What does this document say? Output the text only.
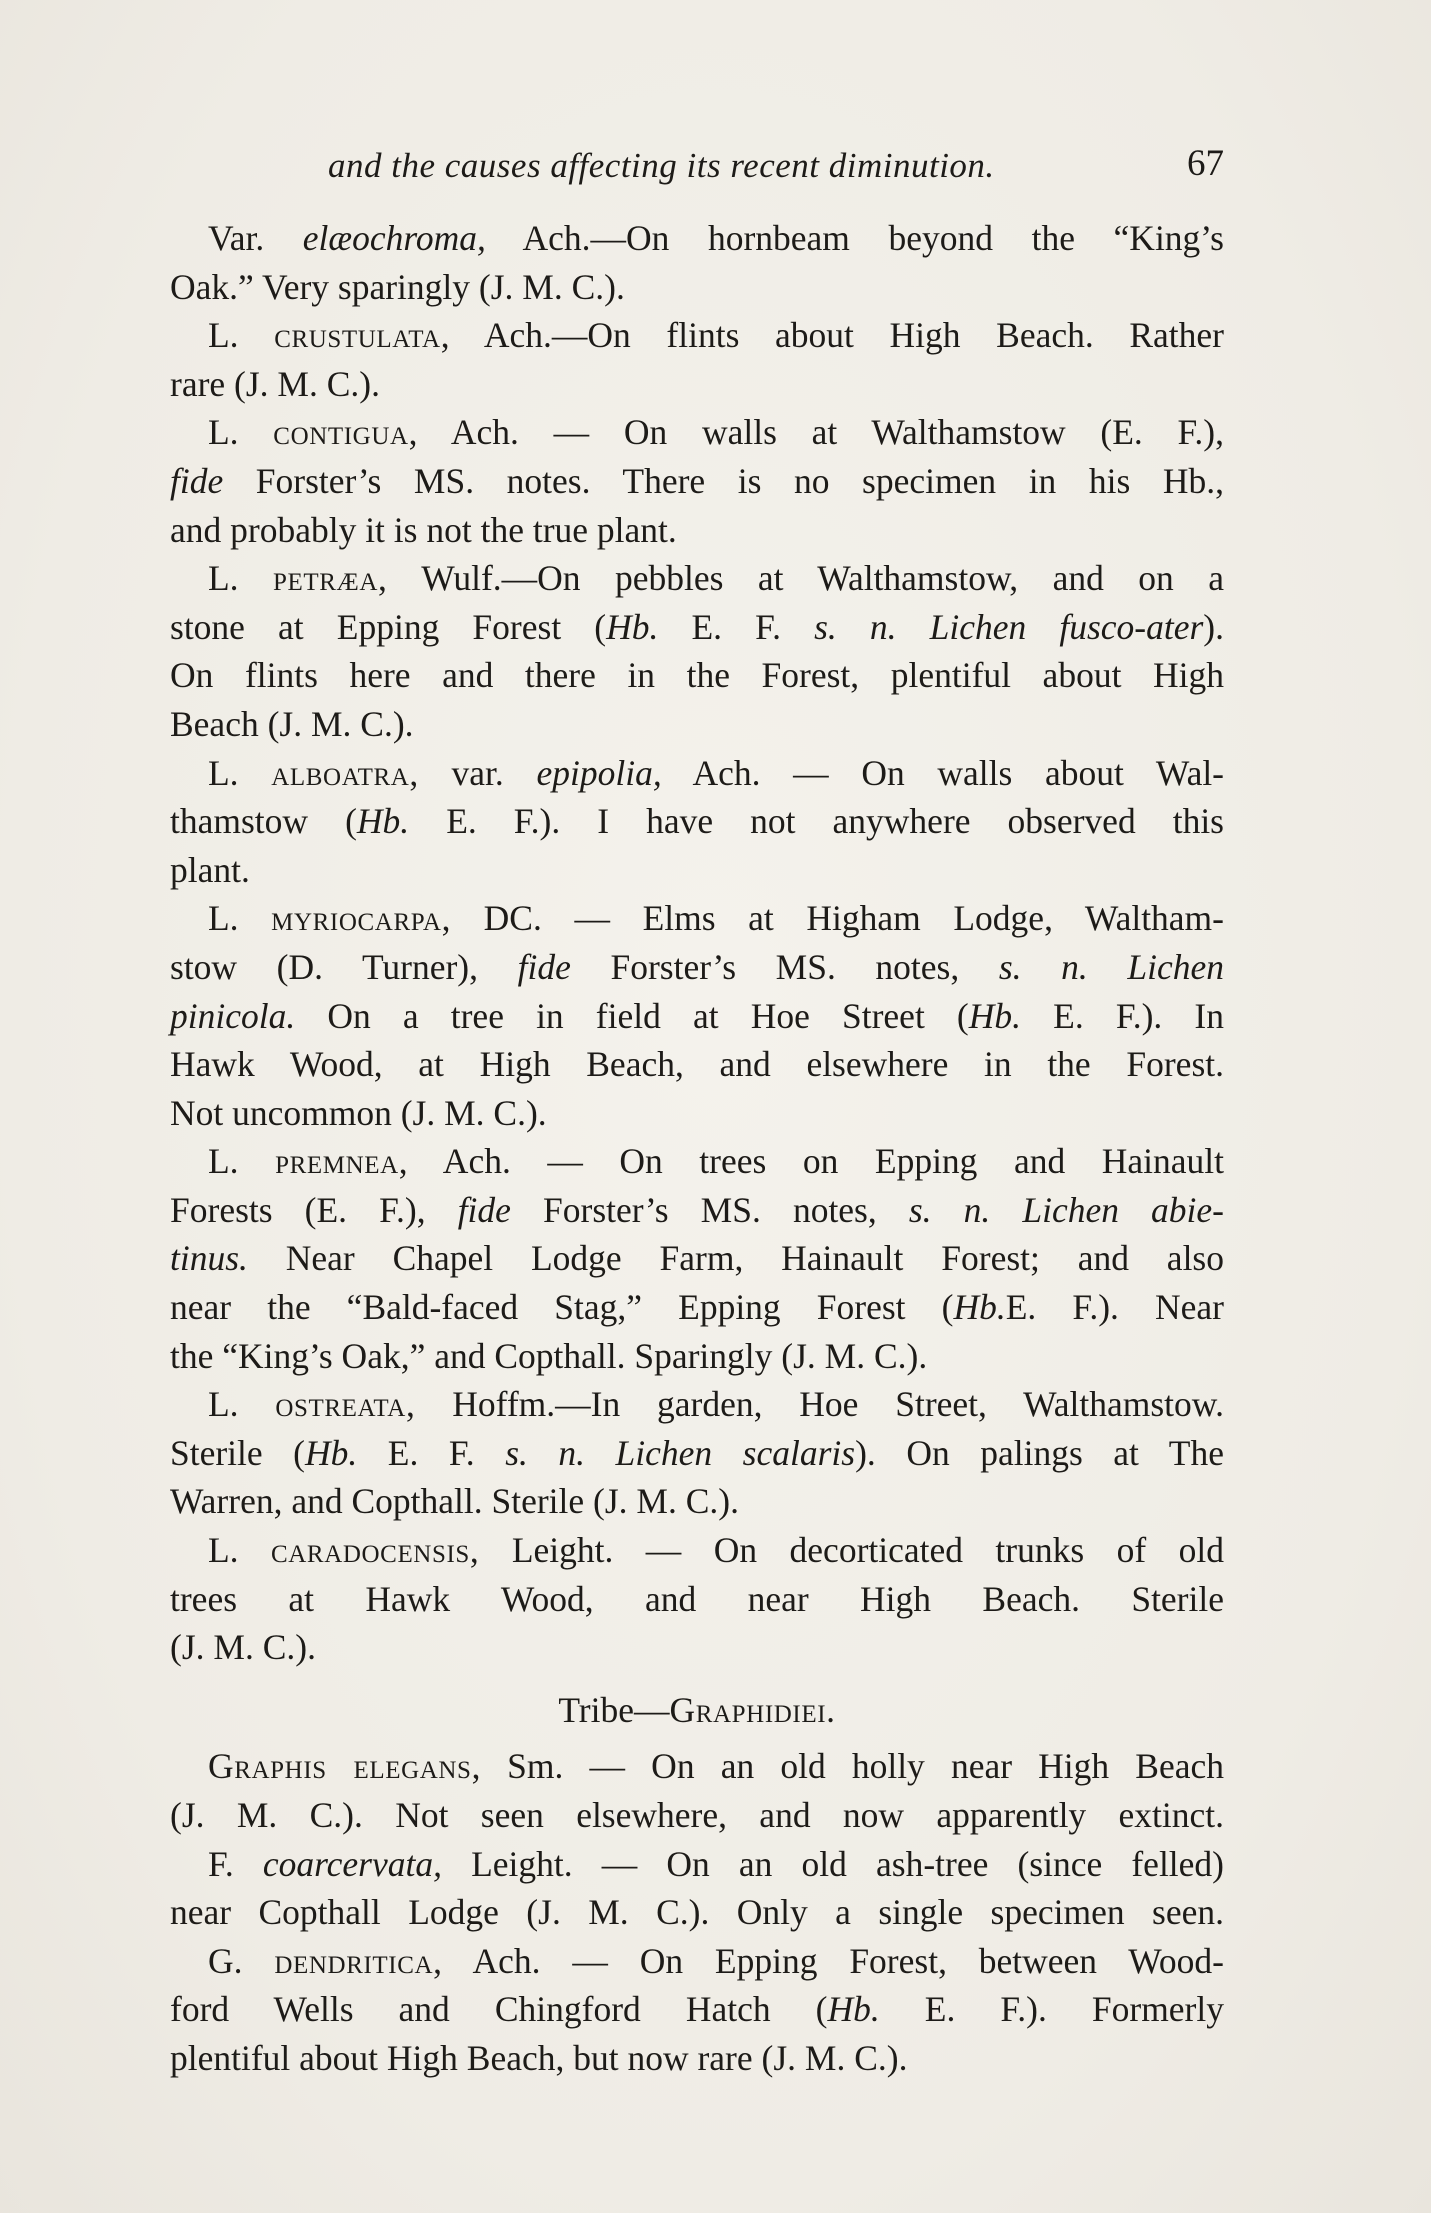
and the causes affecting its recent diminution.	67
Var. elæochroma, Ach.—On hornbeam beyond the “King’s
Oak.” Very sparingly (J. M. C.).
L. crustulata, Ach.—On flints about High Beach. Rather
rare (J. M. C.).
L. contigua, Ach. — On walls at Walthamstow (E. F.),
fide Forster’s MS. notes. There is no specimen in his Hb.,
and probably it is not the true plant.
L. petræa, Wulf.—On pebbles at Walthamstow, and on a
stone at Epping Forest (Hb. E. F. s. n. Lichen fusco-ater).
On flints here and there in the Forest, plentiful about High
Beach (J. M. C.).
L. alboatra, var. epipolia, Ach. — On walls about Wal-
thamstow (Hb. E. F.). I have not anywhere observed this
plant.
L. myriocarpa, DC. — Elms at Higham Lodge, Waltham-
stow (D. Turner), fide Forster’s MS. notes, s. n. Lichen
pinicola. On a tree in field at Hoe Street (Hb. E. F.). In
Hawk Wood, at High Beach, and elsewhere in the Forest.
Not uncommon (J. M. C.).
L. premnea, Ach. — On trees on Epping and Hainault
Forests (E. F.), fide Forster’s MS. notes, s. n. Lichen abie-
tinus. Near Chapel Lodge Farm, Hainault Forest; and also
near the “Bald-faced Stag,” Epping Forest (Hb.E. F.). Near
the “King’s Oak,” and Copthall. Sparingly (J. M. C.).
L. ostreata, Hoffm.—In garden, Hoe Street, Walthamstow.
Sterile (Hb. E. F. s. n. Lichen scalaris). On palings at The
Warren, and Copthall. Sterile (J. M. C.).
L. caradocensis, Leight. — On decorticated trunks of old
trees at Hawk Wood, and near High Beach. Sterile
(J. M. C.).
Tribe—Graphidiei.
Graphis elegans, Sm. — On an old holly near High Beach
(J. M. C.). Not seen elsewhere, and now apparently extinct.
F. coarcervata, Leight. — On an old ash-tree (since felled)
near Copthall Lodge (J. M. C.). Only a single specimen seen.
G. dendritica, Ach. — On Epping Forest, between Wood-
ford Wells and Chingford Hatch (Hb. E. F.). Formerly
plentiful about High Beach, but now rare (J. M. C.).
